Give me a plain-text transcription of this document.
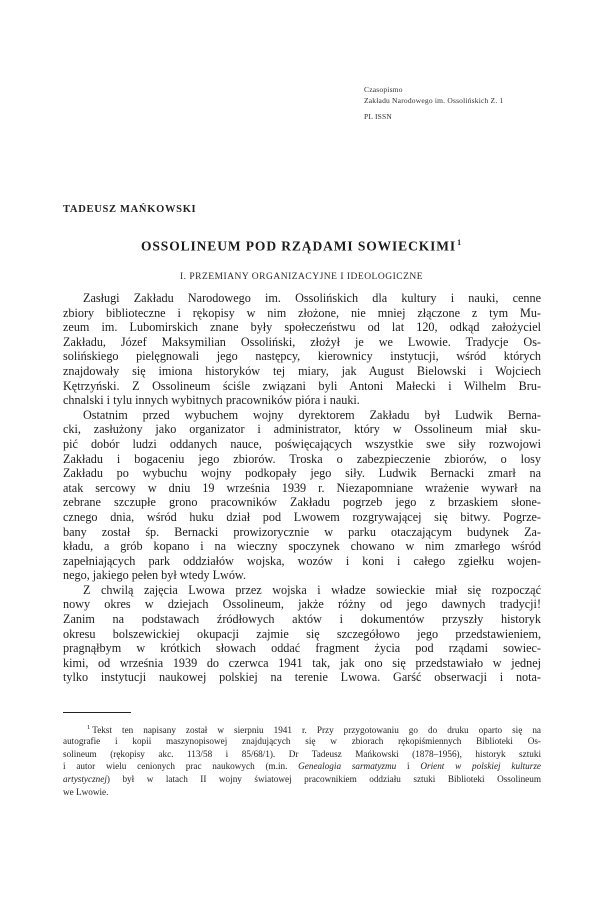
Czasopismo
Zakładu Narodowego im. Ossolińskich Z. 1
PL ISSN
TADEUSZ MAŃKOWSKI
OSSOLINEUM POD RZĄDAMI SOWIECKIMI$^1$
I. PRZEMIANY ORGANIZACYJNE I IDEOLOGICZNE
Zasługi Zakładu Narodowego im. Ossolińskich dla kultury i nauki, cenne
zbiory biblioteczne i rękopisy w nim złożone, nie mniej złączone z tym Mu-
zeum im. Lubomirskich znane były społeczeństwu od lat 120, odkąd założyciel
Zakładu, Józef Maksymilian Ossoliński, złożył je we Lwowie. Tradycje Os-
solińskiego pielęgnowali jego następcy, kierownicy instytucji, wśród których
znajdowały się imiona historyków tej miary, jak August Bielowski i Wojciech
Kętrzyński. Z Ossolineum ściśle związani byli Antoni Małecki i Wilhelm Bru-
chnalski i tylu innych wybitnych pracowników pióra i nauki.
Ostatnim przed wybuchem wojny dyrektorem Zakładu był Ludwik Berna-
cki, zasłużony jako organizator i administrator, który w Ossolineum miał sku-
pić dobór ludzi oddanych nauce, poświęcających wszystkie swe siły rozwojowi
Zakładu i bogaceniu jego zbiorów. Troska o zabezpieczenie zbiorów, o losy
Zakładu po wybuchu wojny podkopały jego siły. Ludwik Bernacki zmarł na
atak sercowy w dniu 19 września 1939 r. Niezapomniane wrażenie wywarł na
zebrane szczupłe grono pracowników Zakładu pogrzeb jego z brzaskiem słone-
cznego dnia, wśród huku dział pod Lwowem rozgrywającej się bitwy. Pogrze-
bany został śp. Bernacki prowizorycznie w parku otaczającym budynek Za-
kładu, a grób kopano i na wieczny spoczynek chowano w nim zmarłego wśród
zapełniających park oddziałów wojska, wozów i koni i całego zgiełku wojen-
nego, jakiego pełen był wtedy Lwów.
Z chwilą zajęcia Lwowa przez wojska i władze sowieckie miał się rozpocząć
nowy okres w dziejach Ossolineum, jakże różny od jego dawnych tradycji!
Zanim na podstawach źródłowych aktów i dokumentów przyszły historyk
okresu bolszewickiej okupacji zajmie się szczegółowo jego przedstawieniem,
pragnąłbym w krótkich słowach oddać fragment życia pod rządami sowiec-
kimi, od września 1939 do czerwca 1941 tak, jak ono się przedstawiało w jednej
tylko instytucji naukowej polskiej na terenie Lwowa. Garść obserwacji i nota-
$^1$ Tekst ten napisany został w sierpniu 1941 r. Przy przygotowaniu go do druku oparto się na
autografie i kopii maszynopisowej znajdujących się w zbiorach rękopiśmiennych Biblioteki Os-
solineum (rękopisy akc. 113/58 i 85/68/1). Dr Tadeusz Mańkowski (1878–1956), historyk sztuki
i autor wielu cenionych prac naukowych (m.in. Genealogia sarmatyzmu i Orient w polskiej kulturze
artystycznej) był w latach II wojny światowej pracownikiem oddziału sztuki Biblioteki Ossolineum
we Lwowie.
